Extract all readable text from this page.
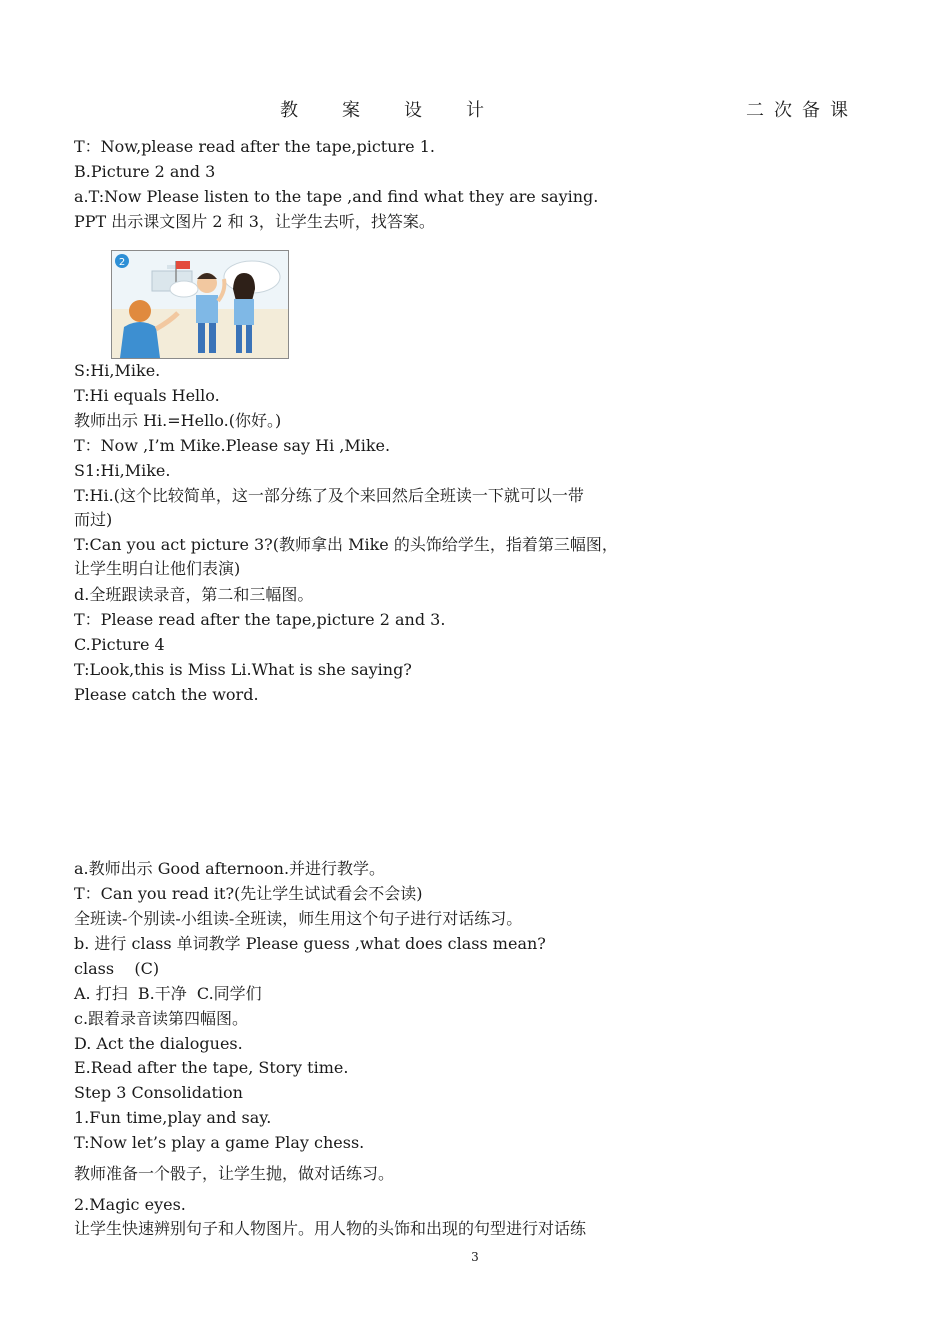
教 案 设 计	二 次 备 课
T：Now,please read after the tape,picture 1.
B.Picture 2 and 3
a.T:Now Please listen to the tape ,and find what they are saying.
PPT 出示课文图片 2 和 3，让学生去听，找答案。
2
S:Hi,Mike.
T:Hi equals Hello.
教师出示 Hi.=Hello.(你好。)
T：Now ,I’m Mike.Please say Hi ,Mike.
S1:Hi,Mike.
T:Hi.(这个比较简单，这一部分练了及个来回然后全班读一下就可以一带
而过)
T:Can you act picture 3?(教师拿出 Mike 的头饰给学生，指着第三幅图，
让学生明白让他们表演)
d.全班跟读录音，第二和三幅图。
T：Please read after the tape,picture 2 and 3.
C.Picture 4
T:Look,this is Miss Li.What is she saying?
Please catch the word.
a.教师出示 Good afternoon.并进行教学。
T：Can you read it?(先让学生试试看会不会读)
全班读-个别读-小组读-全班读，师生用这个句子进行对话练习。
b. 进行 class 单词教学 Please guess ,what does class mean?
class    (C)
A. 打扫  B.干净  C.同学们
c.跟着录音读第四幅图。
D. Act the dialogues.
E.Read after the tape, Story time.
Step 3 Consolidation
1.Fun time,play and say.
T:Now let’s play a game Play chess.
教师准备一个骰子，让学生抛，做对话练习。
2.Magic eyes.
让学生快速辨别句子和人物图片。用人物的头饰和出现的句型进行对话练
3
